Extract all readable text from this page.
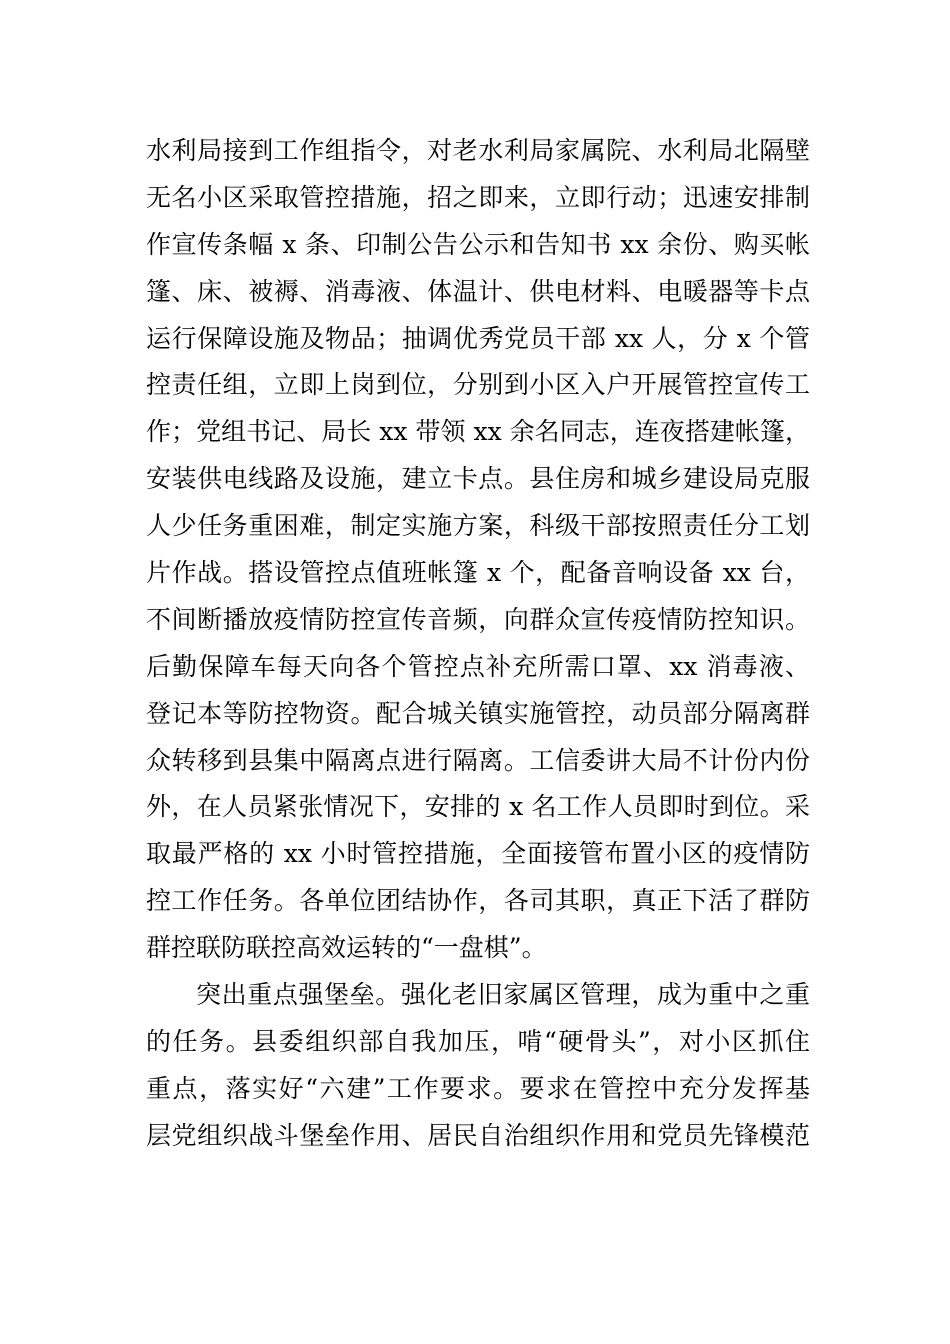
水利局接到工作组指令，对老水利局家属院、水利局北隔壁
无名小区采取管控措施，招之即来，立即行动；迅速安排制
作宣传条幅 x 条、印制公告公示和告知书 xx 余份、购买帐
篷、床、被褥、消毒液、体温计、供电材料、电暖器等卡点
运行保障设施及物品；抽调优秀党员干部 xx 人，分 x 个管
控责任组，立即上岗到位，分别到小区入户开展管控宣传工
作；党组书记、局长 xx 带领 xx 余名同志，连夜搭建帐篷，
安装供电线路及设施，建立卡点。县住房和城乡建设局克服
人少任务重困难，制定实施方案，科级干部按照责任分工划
片作战。搭设管控点值班帐篷 x 个，配备音响设备 xx 台，
不间断播放疫情防控宣传音频，向群众宣传疫情防控知识。
后勤保障车每天向各个管控点补充所需口罩、xx 消毒液、
登记本等防控物资。配合城关镇实施管控，动员部分隔离群
众转移到县集中隔离点进行隔离。工信委讲大局不计份内份
外，在人员紧张情况下，安排的 x 名工作人员即时到位。采
取最严格的 xx 小时管控措施，全面接管布置小区的疫情防
控工作任务。各单位团结协作，各司其职，真正下活了群防
群控联防联控高效运转的“一盘棋”。
突出重点强堡垒。强化老旧家属区管理，成为重中之重
的任务。县委组织部自我加压，啃“硬骨头”，对小区抓住
重点，落实好“六建”工作要求。要求在管控中充分发挥基
层党组织战斗堡垒作用、居民自治组织作用和党员先锋模范
